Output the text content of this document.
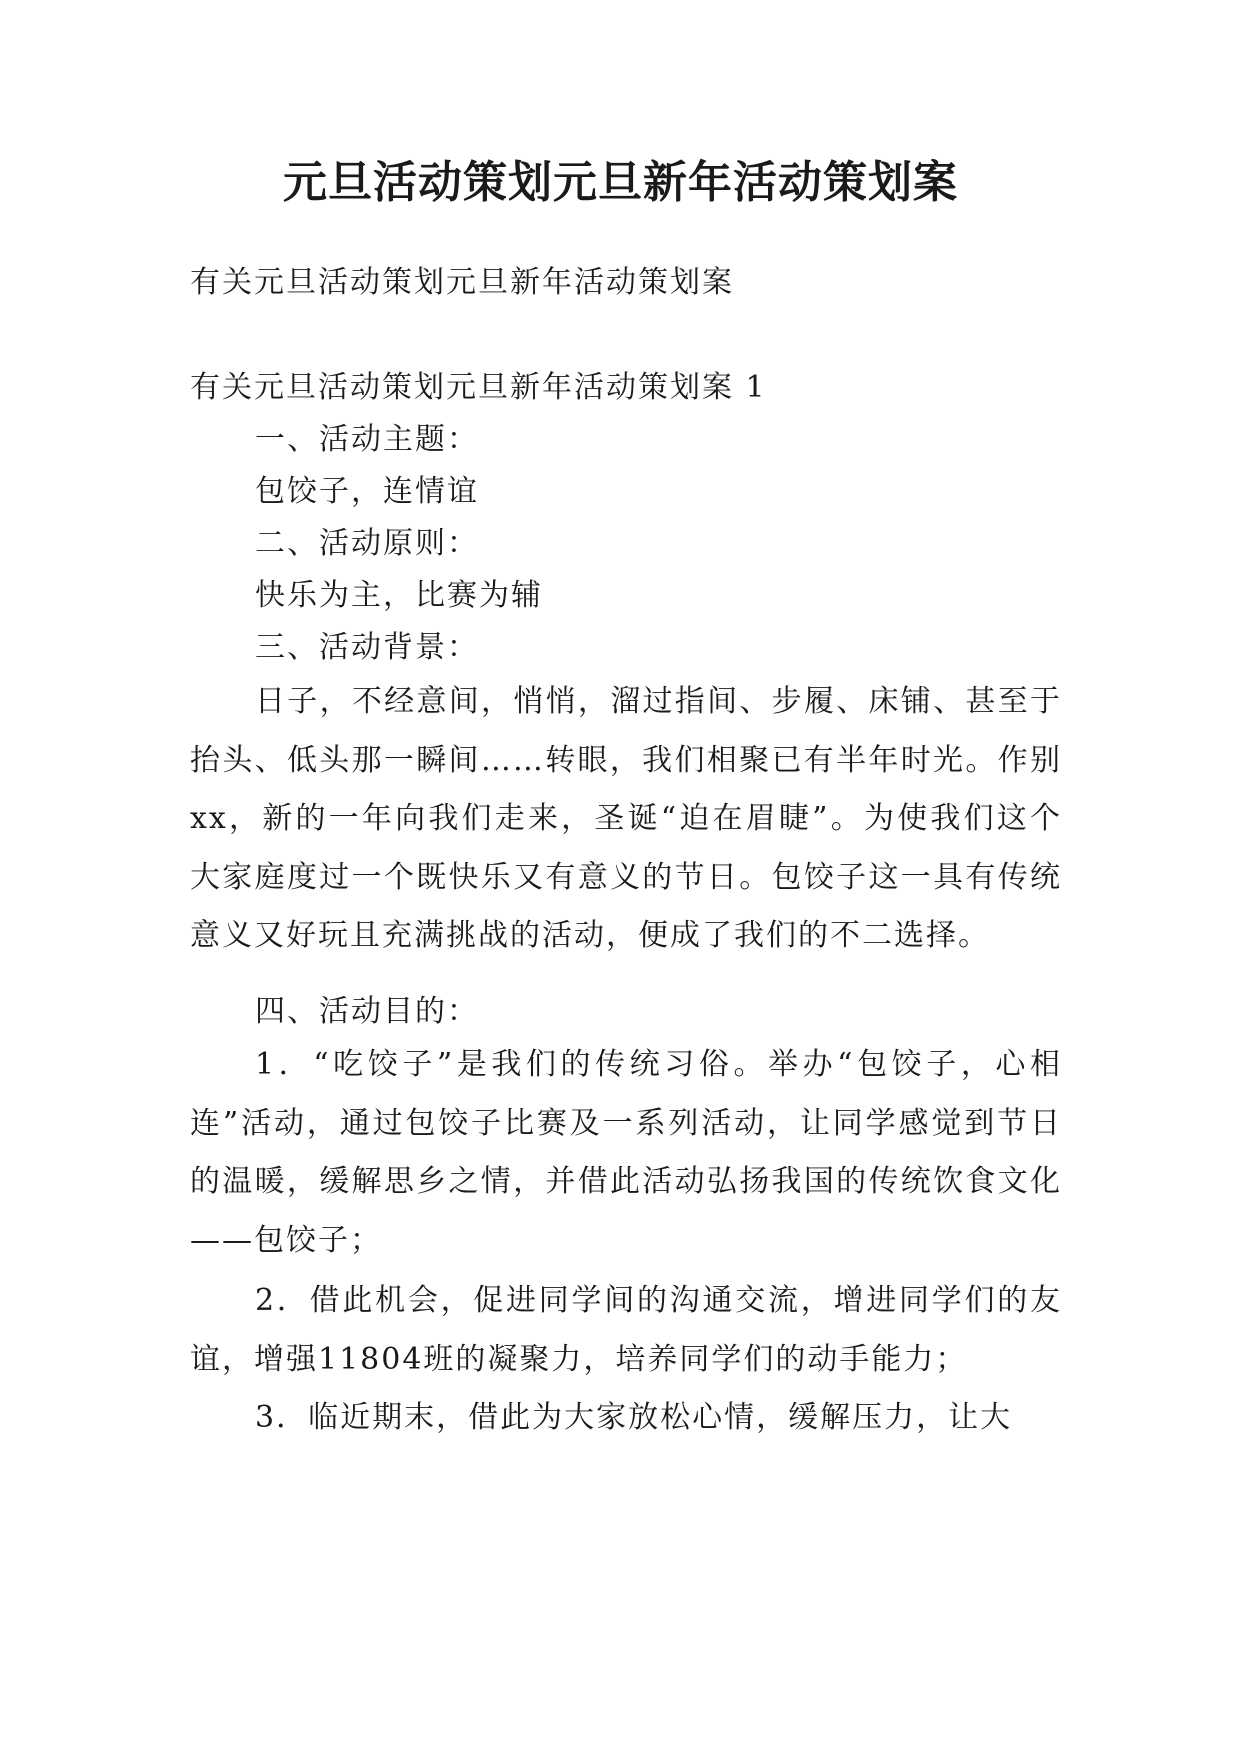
元旦活动策划元旦新年活动策划案
有关元旦活动策划元旦新年活动策划案
有关元旦活动策划元旦新年活动策划案 1
一、活动主题：
包饺子，连情谊
二、活动原则：
快乐为主，比赛为辅
三、活动背景：
日子，不经意间，悄悄，溜过指间、步履、床铺、甚至于抬头、低头那一瞬间……转眼，我们相聚已有半年时光。作别xx，新的一年向我们走来，圣诞“迫在眉睫”。为使我们这个大家庭度过一个既快乐又有意义的节日。包饺子这一具有传统意义又好玩且充满挑战的活动，便成了我们的不二选择。
四、活动目的：
1．“吃饺子”是我们的传统习俗。举办“包饺子，心相连”活动，通过包饺子比赛及一系列活动，让同学感觉到节日的温暖，缓解思乡之情，并借此活动弘扬我国的传统饮食文化——包饺子；
2．借此机会，促进同学间的沟通交流，增进同学们的友谊，增强11804班的凝聚力，培养同学们的动手能力；
3．临近期末，借此为大家放松心情，缓解压力，让大
